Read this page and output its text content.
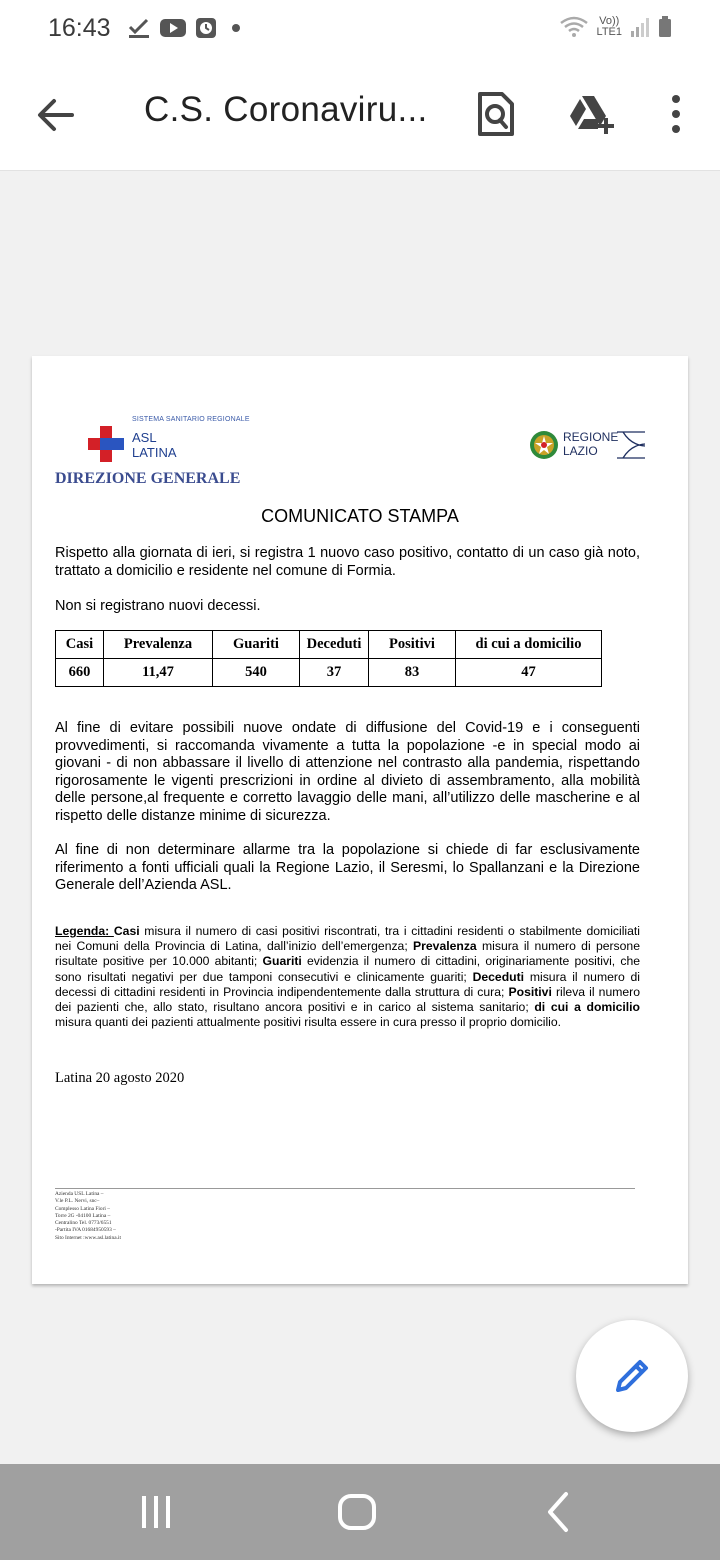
16:43	Vo))
LTE1
C.S. Coronaviru...
SISTEMA SANITARIO REGIONALE
ASL
LATINA
DIREZIONE GENERALE
REGIONE
LAZIO
COMUNICATO STAMPA
Rispetto alla giornata di ieri, si registra 1 nuovo caso positivo, contatto di un caso già noto, trattato a domicilio e residente nel comune di Formia.
Non si registrano nuovi decessi.
Casi	Prevalenza	Guariti	Deceduti	Positivi	di cui a domicilio
660	11,47	540	37	83	47
Al fine di evitare possibili nuove ondate di diffusione del Covid-19 e i conseguenti provvedimenti, si raccomanda vivamente a tutta la popolazione -e in special modo ai giovani - di non abbassare il livello di attenzione nel contrasto alla pandemia, rispettando rigorosamente le vigenti prescrizioni in ordine al divieto di assembramento, alla mobilità delle persone,al frequente e corretto lavaggio delle mani, all’utilizzo delle mascherine e al rispetto delle distanze minime di sicurezza.
Al fine di non determinare allarme tra la popolazione si chiede di far esclusivamente riferimento a fonti ufficiali quali la Regione Lazio, il Seresmi, lo Spallanzani e la Direzione Generale dell’Azienda ASL.
Legenda: Casi misura il numero di casi positivi riscontrati, tra i cittadini residenti o stabilmente domiciliati nei Comuni della Provincia di Latina, dall’inizio dell’emergenza; Prevalenza misura il numero di persone risultate positive per 10.000 abitanti; Guariti evidenzia il numero di cittadini, originariamente positivi, che sono risultati negativi per due tamponi consecutivi e clinicamente guariti; Deceduti misura il numero di decessi di cittadini residenti in Provincia indipendentemente dalla struttura di cura; Positivi rileva il numero dei pazienti che, allo stato, risultano ancora positivi e in carico al sistema sanitario; di cui a domicilio misura quanti dei pazienti attualmente positivi risulta essere in cura presso il proprio domicilio.
Latina 20 agosto 2020
Azienda USL Latina –
V.le P.L. Nervi, snc–
Complesso Latina Fiori –
Torre 2G -04100 Latina –
Centralino Tel. 0773/6551
-Partita IVA 01684950593 –
Sito Internet :www.asl.latina.it
